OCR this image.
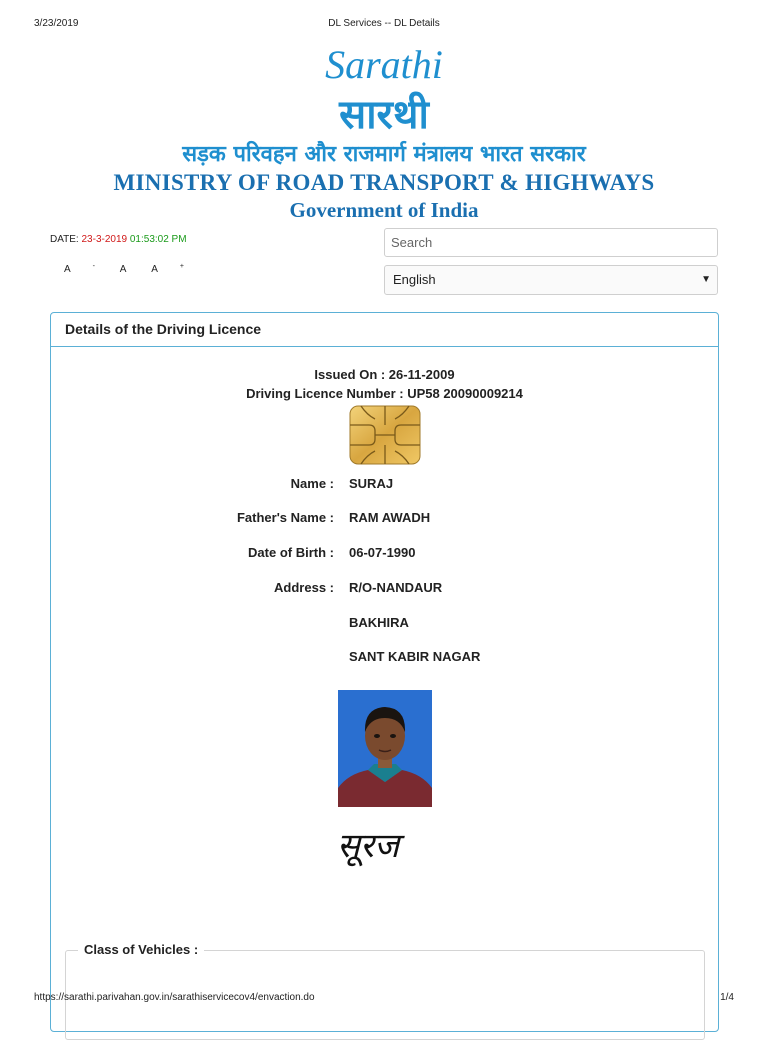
3/23/2019	DL Services -- DL Details
Sarathi
सारथी
सड़क परिवहन और राजमार्ग मंत्रालय भारत सरकार
MINISTRY OF ROAD TRANSPORT & HIGHWAYS
Government of India
DATE: 23-3-2019 01:53:02 PM
A	- A A	+
Search
English	▼
Details of the Driving Licence
Issued On : 26-11-2009
Driving Licence Number : UP58 20090009214
Name : SURAJ
Father's Name : RAM AWADH
Date of Birth : 06-07-1990
Address : R/O-NANDAUR
BAKHIRA
SANT KABIR NAGAR
सूरज
Class of Vehicles :
https://sarathi.parivahan.gov.in/sarathiservicecov4/envaction.do	1/4
